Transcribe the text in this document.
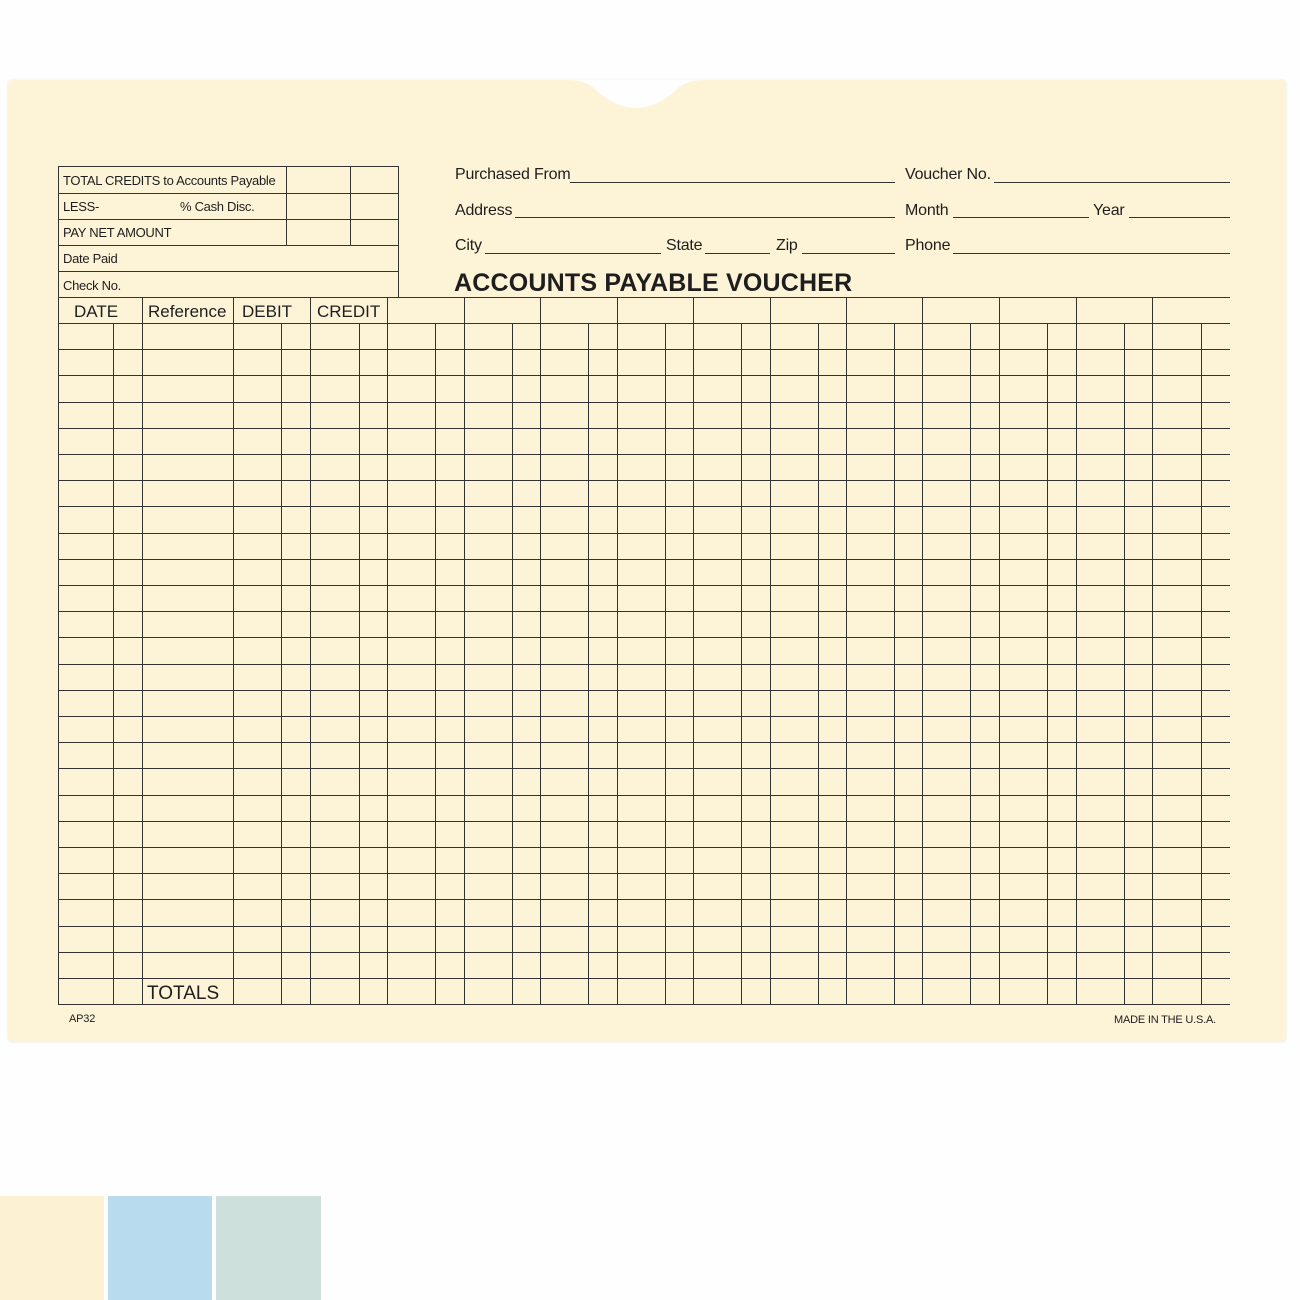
TOTAL CREDITS to Accounts Payable
LESS-	% Cash Disc.
PAY NET AMOUNT
Date Paid
Check No.
Purchased From	Voucher No.
Address	Month	Year
City	State	Zip	Phone
ACCOUNTS PAYABLE VOUCHER
DATE Reference DEBIT CREDIT
TOTALS
AP32	MADE IN THE U.S.A.
